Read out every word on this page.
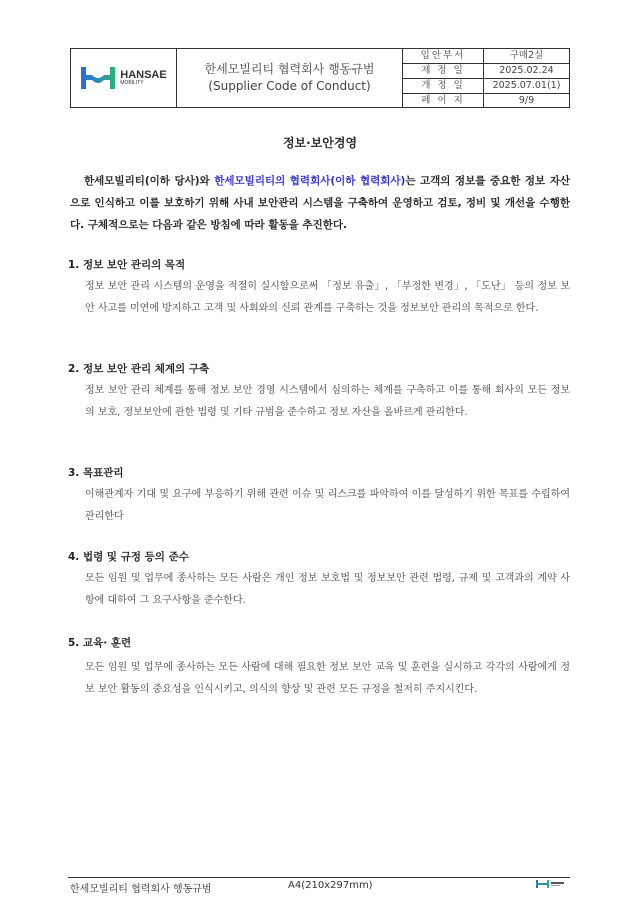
HANSAE
MOBILITY
한세모빌리티 협력회사 행동규범
(Supplier Code of Conduct)
입안부서	구매2실
제 정 일	2025.02.24
개 정 일	2025.07.01(1)
페 이 지	9/9
정보·보안경영
한세모빌리티(이하 당사)와 한세모빌리티의 협력회사(이하 협력회사)는 고객의 정보를 중요한 정보 자산으로 인식하고 이를 보호하기 위해 사내 보안관리 시스템을 구축하여 운영하고 검토, 정비 및 개선을 수행한다. 구체적으로는 다음과 같은 방침에 따라 활동을 추진한다.
1. 정보 보안 관리의 목적

정보 보안 관리 시스템의 운영을 적절히 실시함으로써 「정보 유출」, 「부정한 변경」, 「도난」 등의 정보 보안 사고를 미연에 방지하고 고객 및 사회와의 신뢰 관계를 구축하는 것을 정보보안 관리의 목적으로 한다.

2. 정보 보안 관리 체계의 구축

정보 보안 관리 체계를 통해 정보 보안 경영 시스템에서 심의하는 체계를 구축하고 이를 통해 회사의 모든 정보의 보호, 정보보안에 관한 법령 및 기타 규범을 준수하고 정보 자산을 올바르게 관리한다.

3. 목표관리

이해관계자 기대 및 요구에 부응하기 위해 관련 이슈 및 리스크를 파악하여 이를 달성하기 위한 목표를 수립하여 관리한다

4. 법령 및 규정 등의 준수

모든 임원 및 업무에 종사하는 모든 사람은 개인 정보 보호법 및 정보보안 관련 법령, 규제 및 고객과의 계약 사항에 대하여 그 요구사항을 준수한다.

5. 교육· 훈련

모든 임원 및 업무에 종사하는 모든 사람에 대해 필요한 정보 보안 교육 및 훈련을 실시하고 각각의 사람에게 정보 보안 활동의 중요성을 인식시키고, 의식의 향상 및 관련 모든 규정을 철저히 주지시킨다.

한세모빌리티 협력회사 행동규범	A4(210x297mm)
